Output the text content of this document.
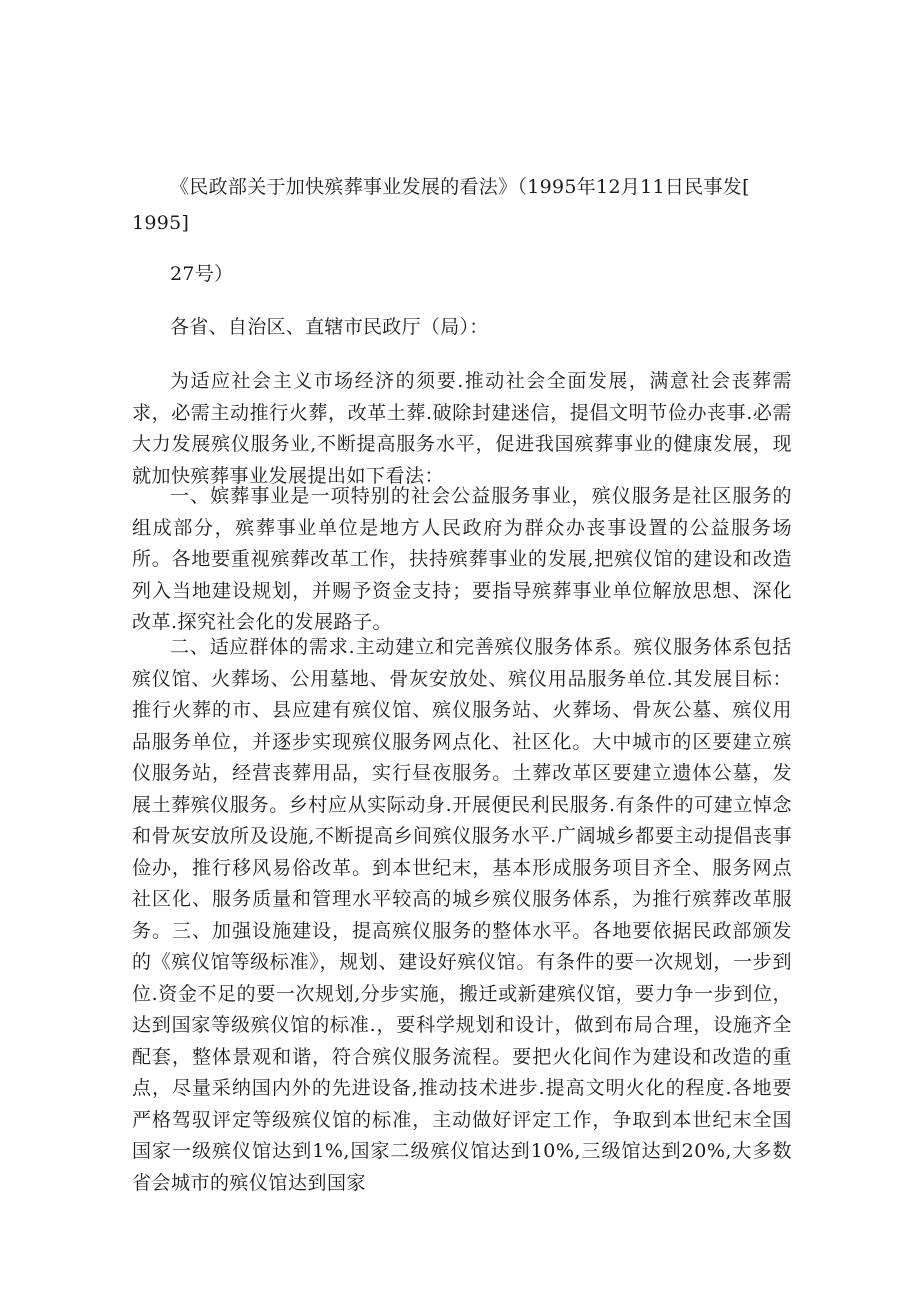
《民政部关于加快殡葬事业发展的看法》（1995年12月11日民事发[
1995]
27号）
各省、自治区、直辖市民政厅（局）：

为适应社会主义市场经济的须要.推动社会全面发展，满意社会丧葬需求，必需主动推行火葬，改革土葬.破除封建迷信，提倡文明节俭办丧事.必需大力发展殡仪服务业,不断提高服务水平，促进我国殡葬事业的健康发展，现就加快殡葬事业发展提出如下看法：

一、嫔葬事业是一项特别的社会公益服务事业，殡仪服务是社区服务的组成部分，殡葬事业单位是地方人民政府为群众办丧事设置的公益服务场所。各地要重视殡葬改革工作，扶持殡葬事业的发展,把殡仪馆的建设和改造列入当地建设规划，并赐予资金支持；要指导殡葬事业单位解放思想、深化改革.探究社会化的发展路子。

二、适应群体的需求.主动建立和完善殡仪服务体系。殡仪服务体系包括殡仪馆、火葬场、公用墓地、骨灰安放处、殡仪用品服务单位.其发展目标：推行火葬的市、县应建有殡仪馆、殡仪服务站、火葬场、骨灰公墓、殡仪用品服务单位，并逐步实现殡仪服务网点化、社区化。大中城市的区要建立殡仪服务站，经营丧葬用品，实行昼夜服务。土葬改革区要建立遗体公墓，发展土葬殡仪服务。乡村应从实际动身.开展便民利民服务.有条件的可建立悼念和骨灰安放所及设施,不断提高乡间殡仪服务水平.广阔城乡都要主动提倡丧事俭办，推行移风易俗改革。到本世纪末，基本形成服务项目齐全、服务网点社区化、服务质量和管理水平较高的城乡殡仪服务体系，为推行殡葬改革服务。三、加强设施建设，提高殡仪服务的整体水平。各地要依据民政部颁发的《殡仪馆等级标准》，规划、建设好殡仪馆。有条件的要一次规划，一步到位.资金不足的要一次规划,分步实施，搬迁或新建殡仪馆，要力争一步到位，达到国家等级殡仪馆的标准.，要科学规划和设计，做到布局合理，设施齐全配套，整体景观和谐，符合殡仪服务流程。要把火化间作为建设和改造的重点，尽量采纳国内外的先进设备,推动技术进步.提高文明火化的程度.各地要严格驾驭评定等级殡仪馆的标准，主动做好评定工作，争取到本世纪末全国国家一级殡仪馆达到1%,国家二级殡仪馆达到10%,三级馆达到20%,大多数省会城市的殡仪馆达到国家
